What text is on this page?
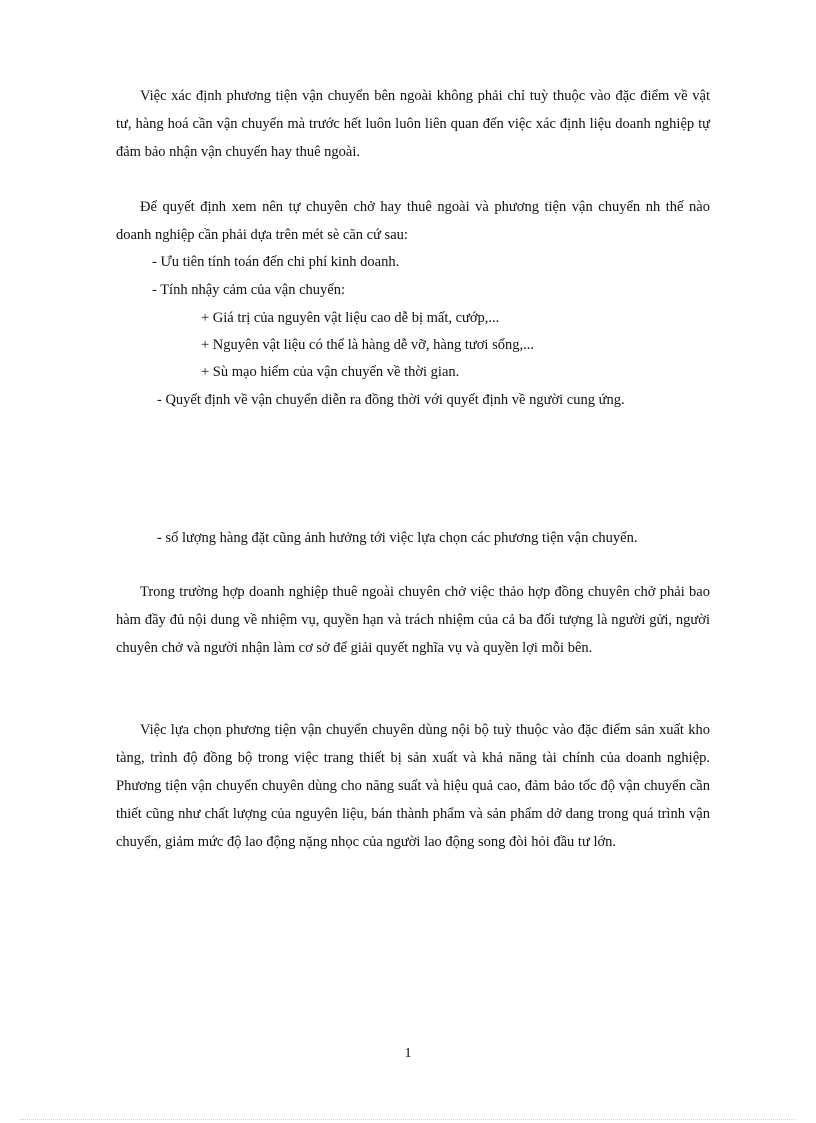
Việc xác định phương tiện vận chuyển bên ngoài không phải chỉ tuỳ thuộc vào đặc điểm về vật tư, hàng hoá cần vận chuyển mà trước hết luôn luôn liên quan đến việc xác định liệu doanh nghiệp tự đảm bảo nhận vận chuyển hay thuê ngoài.

Để quyết định xem nên tự chuyên chở hay thuê ngoài và phương tiện vận chuyển nh thế nào doanh nghiệp cần phải dựa trên mét sè căn cứ sau:

- Ưu tiên tính toán đến chi phí kinh doanh.

- Tính nhậy cảm của vận chuyển:

+ Giá trị của nguyên vật liệu cao dễ bị mất, cướp,...

+ Nguyên vật liệu có thể là hàng dễ vỡ, hàng tươi sống,...

+ Sù mạo hiểm của vận chuyển về thời gian.

- Quyết định về vận chuyển diễn ra đồng thời với quyết định về người cung ứng.

- số lượng hàng đặt cũng ảnh hưởng tới việc lựa chọn các phương tiện vận chuyển.

Trong trường hợp doanh nghiệp thuê ngoài chuyên chở việc thảo hợp đồng chuyên chở phải bao hàm đầy đủ nội dung về nhiệm vụ, quyền hạn và trách nhiệm của cả ba đối tượng là người gửi, người chuyên chở và người nhận làm cơ sở để giải quyết nghĩa vụ và quyền lợi mỗi bên.

Việc lựa chọn phương tiện vận chuyển chuyên dùng nội bộ tuỳ thuộc vào đặc điểm sản xuất kho tàng, trình độ đồng bộ trong việc trang thiết bị sản xuất và khả năng tài chính của doanh nghiệp. Phương tiện vận chuyển chuyên dùng cho năng suất và hiệu quả cao, đảm bảo tốc độ vận chuyển cần thiết cũng như chất lượng của nguyên liệu, bán thành phẩm và sản phẩm dở dang trong quá trình vận chuyển, giảm mức độ lao động nặng nhọc của người lao động song đòi hỏi đầu tư lớn.

1
